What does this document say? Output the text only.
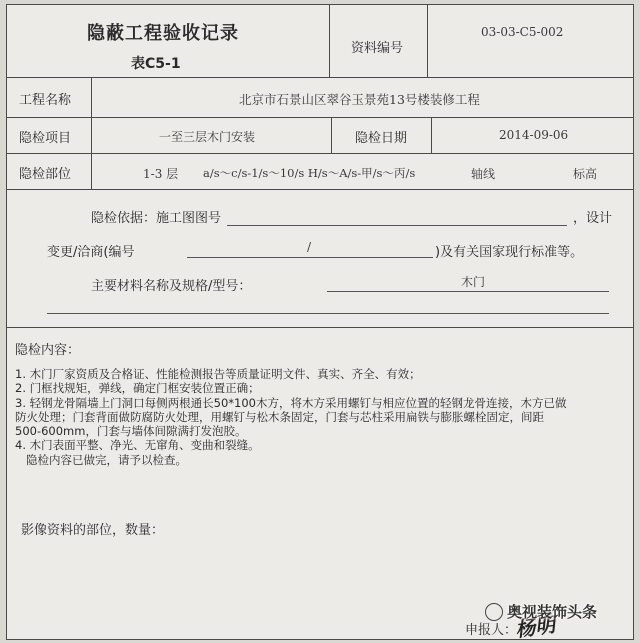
隐蔽工程验收记录
表C5-1
资料编号
03-03-C5-002
工程名称	北京市石景山区翠谷玉景苑13号楼装修工程
隐检项目	一至三层木门安装	隐检日期	2014-09-06
隐检部位	1-3 层 a/s～c/s-1/s～10/s H/s～A/s-甲/s～丙/s	轴线	标高
隐检依据：施工图图号	，设计
变更/洽商(编号	/	)及有关国家现行标准等。
主要材料名称及规格/型号：	木门
隐检内容：

1. 木门厂家资质及合格证、性能检测报告等质量证明文件、真实、齐全、有效；

2. 门框找规矩，弹线，确定门框安装位置正确；

3. 轻钢龙骨隔墙上门洞口每侧两根通长50*100木方，将木方采用螺钉与相应位置的轻钢龙骨连接，木方已做

防火处理；门套背面做防腐防火处理，用螺钉与松木条固定，门套与芯柱采用扁铁与膨胀螺栓固定，间距

500-600mm，门套与墙体间隙满打发泡胶。

4. 木门表面平整、净光、无窜角、变曲和裂缝。

隐检内容已做完，请予以检查。

影像资料的部位，数量：
申报人：
杨明
奥视装饰头条
